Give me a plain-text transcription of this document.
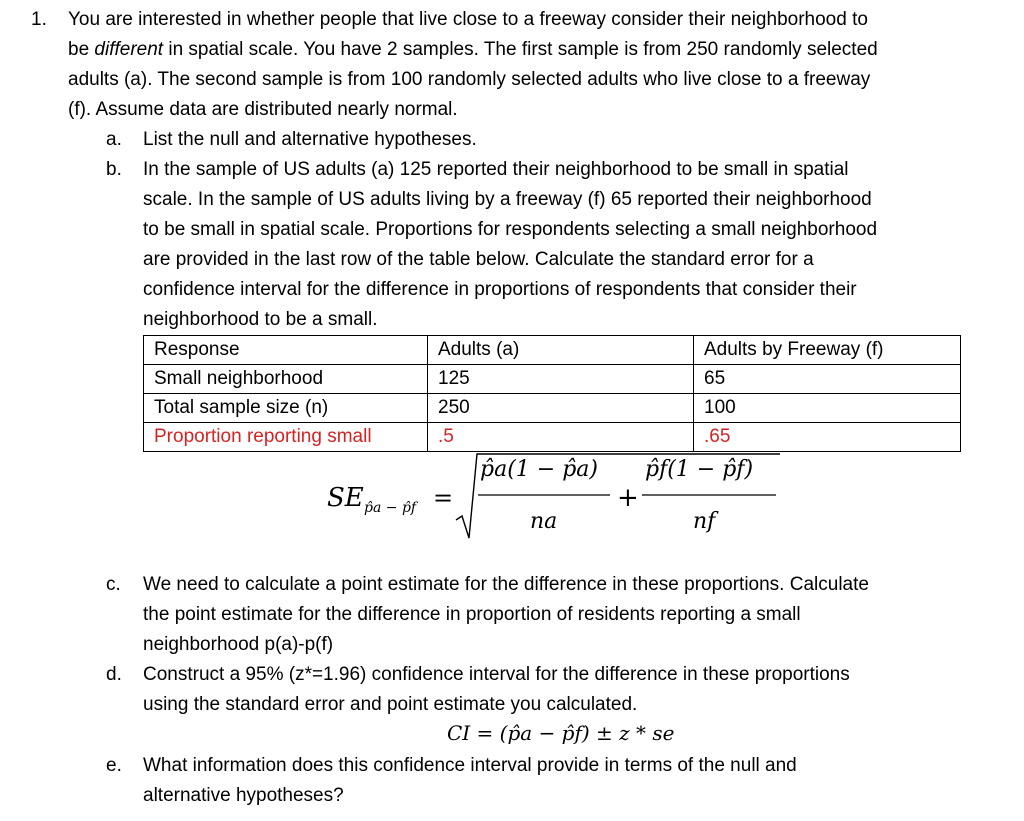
1. You are interested in whether people that live close to a freeway consider their neighborhood to
be different in spatial scale. You have 2 samples. The first sample is from 250 randomly selected
adults (a). The second sample is from 100 randomly selected adults who live close to a freeway
(f). Assume data are distributed nearly normal.
a. List the null and alternative hypotheses.
b. In the sample of US adults (a) 125 reported their neighborhood to be small in spatial
scale. In the sample of US adults living by a freeway (f) 65 reported their neighborhood
to be small in spatial scale. Proportions for respondents selecting a small neighborhood
are provided in the last row of the table below. Calculate the standard error for a
confidence interval for the difference in proportions of respondents that consider their
neighborhood to be a small.
Response	Adults (a)	Adults by Freeway (f)
Small neighborhood	125	65
Total sample size (n)	250	100
Proportion reporting small	.5	.65
SE p̂a − p̂f =
p̂a(1 − p̂a)
na
+
p̂f(1 − p̂f)
nf
c. We need to calculate a point estimate for the difference in these proportions. Calculate
the point estimate for the difference in proportion of residents reporting a small
neighborhood p(a)-p(f)
d. Construct a 95% (z*=1.96) confidence interval for the difference in these proportions
using the standard error and point estimate you calculated.
CI = (p̂a − p̂f) ± z * se
e. What information does this confidence interval provide in terms of the null and
alternative hypotheses?
